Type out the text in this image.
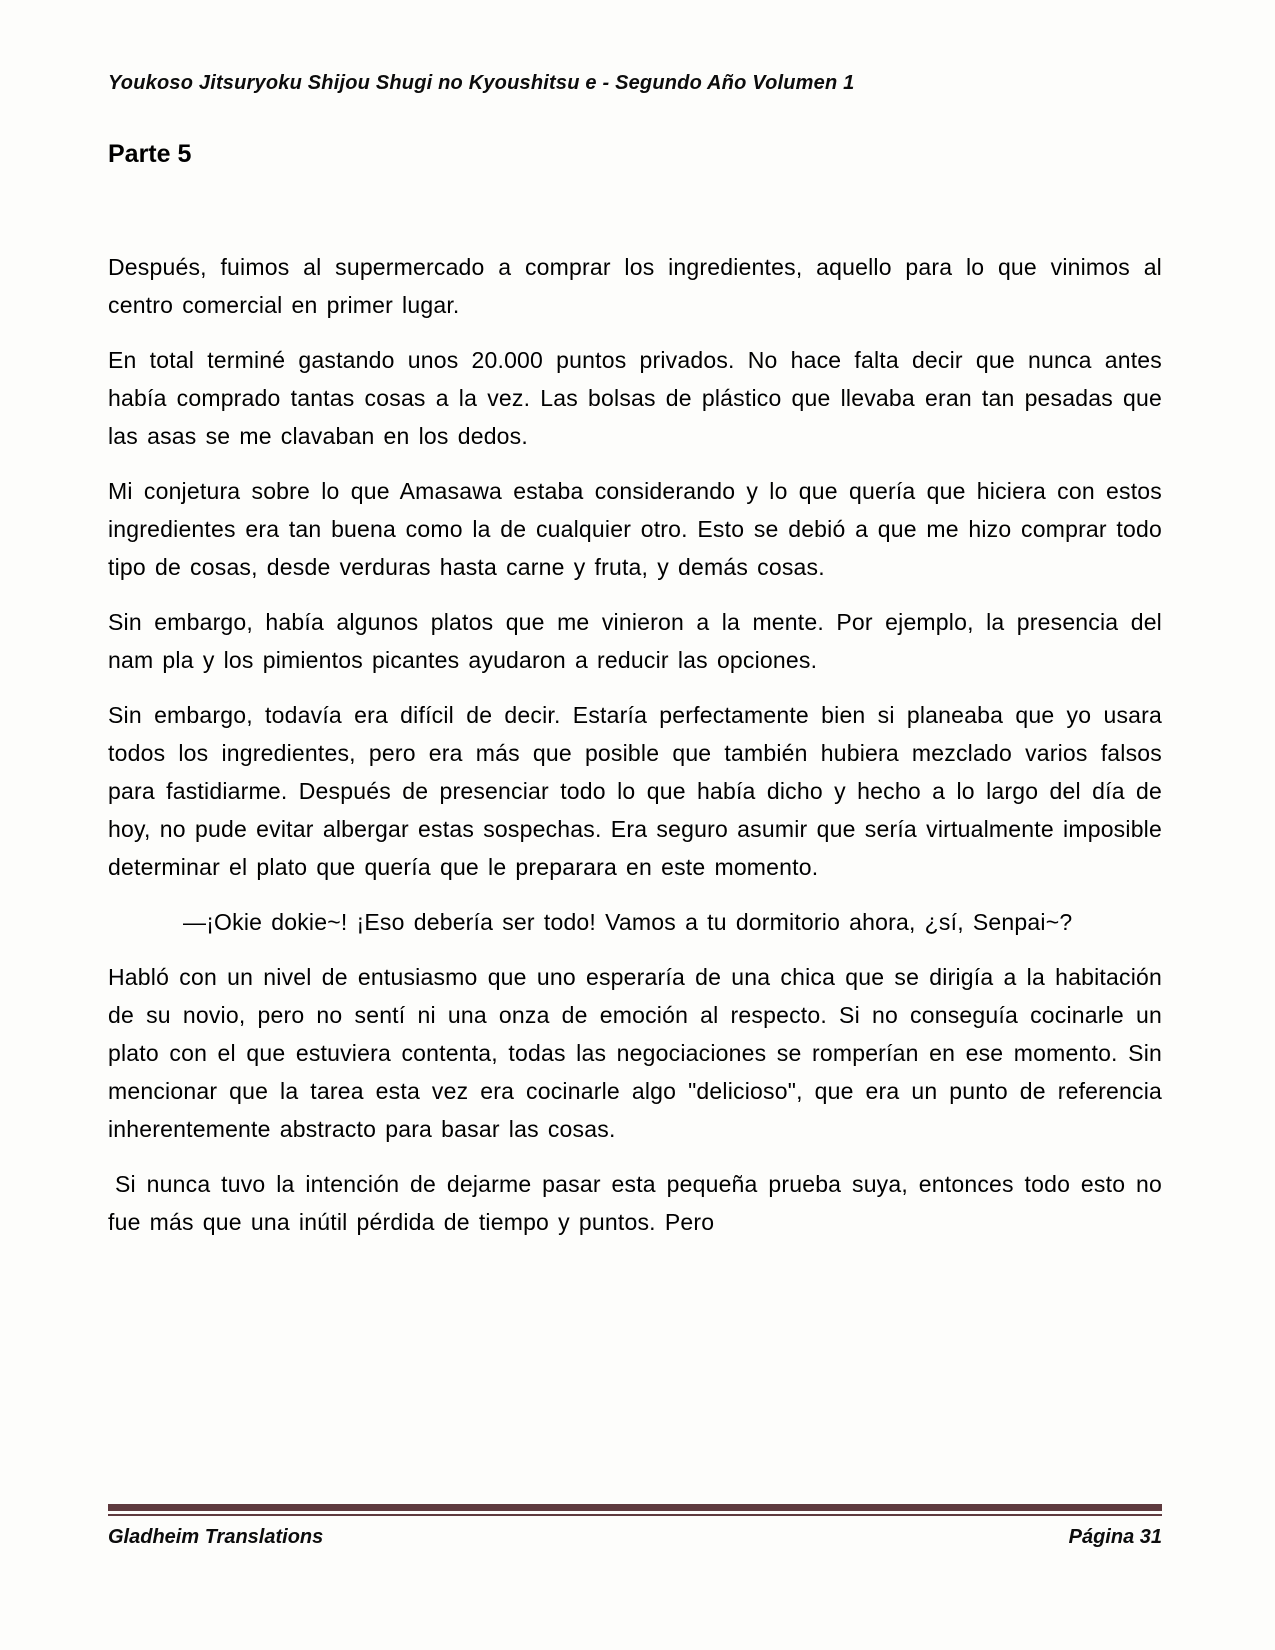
Youkoso Jitsuryoku Shijou Shugi no Kyoushitsu e - Segundo Año Volumen 1
Parte 5

Después, fuimos al supermercado a comprar los ingredientes, aquello para lo que vinimos al centro comercial en primer lugar.

En total terminé gastando unos 20.000 puntos privados. No hace falta decir que nunca antes había comprado tantas cosas a la vez. Las bolsas de plástico que llevaba eran tan pesadas que las asas se me clavaban en los dedos.

Mi conjetura sobre lo que Amasawa estaba considerando y lo que quería que hiciera con estos ingredientes era tan buena como la de cualquier otro. Esto se debió a que me hizo comprar todo tipo de cosas, desde verduras hasta carne y fruta, y demás cosas.

Sin embargo, había algunos platos que me vinieron a la mente. Por ejemplo, la presencia del nam pla y los pimientos picantes ayudaron a reducir las opciones.

Sin embargo, todavía era difícil de decir. Estaría perfectamente bien si planeaba que yo usara todos los ingredientes, pero era más que posible que también hubiera mezclado varios falsos para fastidiarme. Después de presenciar todo lo que había dicho y hecho a lo largo del día de hoy, no pude evitar albergar estas sospechas. Era seguro asumir que sería virtualmente imposible determinar el plato que quería que le preparara en este momento.

—¡Okie dokie~! ¡Eso debería ser todo! Vamos a tu dormitorio ahora, ¿sí, Senpai~?

Habló con un nivel de entusiasmo que uno esperaría de una chica que se dirigía a la habitación de su novio, pero no sentí ni una onza de emoción al respecto. Si no conseguía cocinarle un plato con el que estuviera contenta, todas las negociaciones se romperían en ese momento. Sin mencionar que la tarea esta vez era cocinarle algo "delicioso", que era un punto de referencia inherentemente abstracto para basar las cosas.

Si nunca tuvo la intención de dejarme pasar esta pequeña prueba suya, entonces todo esto no fue más que una inútil pérdida de tiempo y puntos. Pero

Gladheim Translations	Página 31
